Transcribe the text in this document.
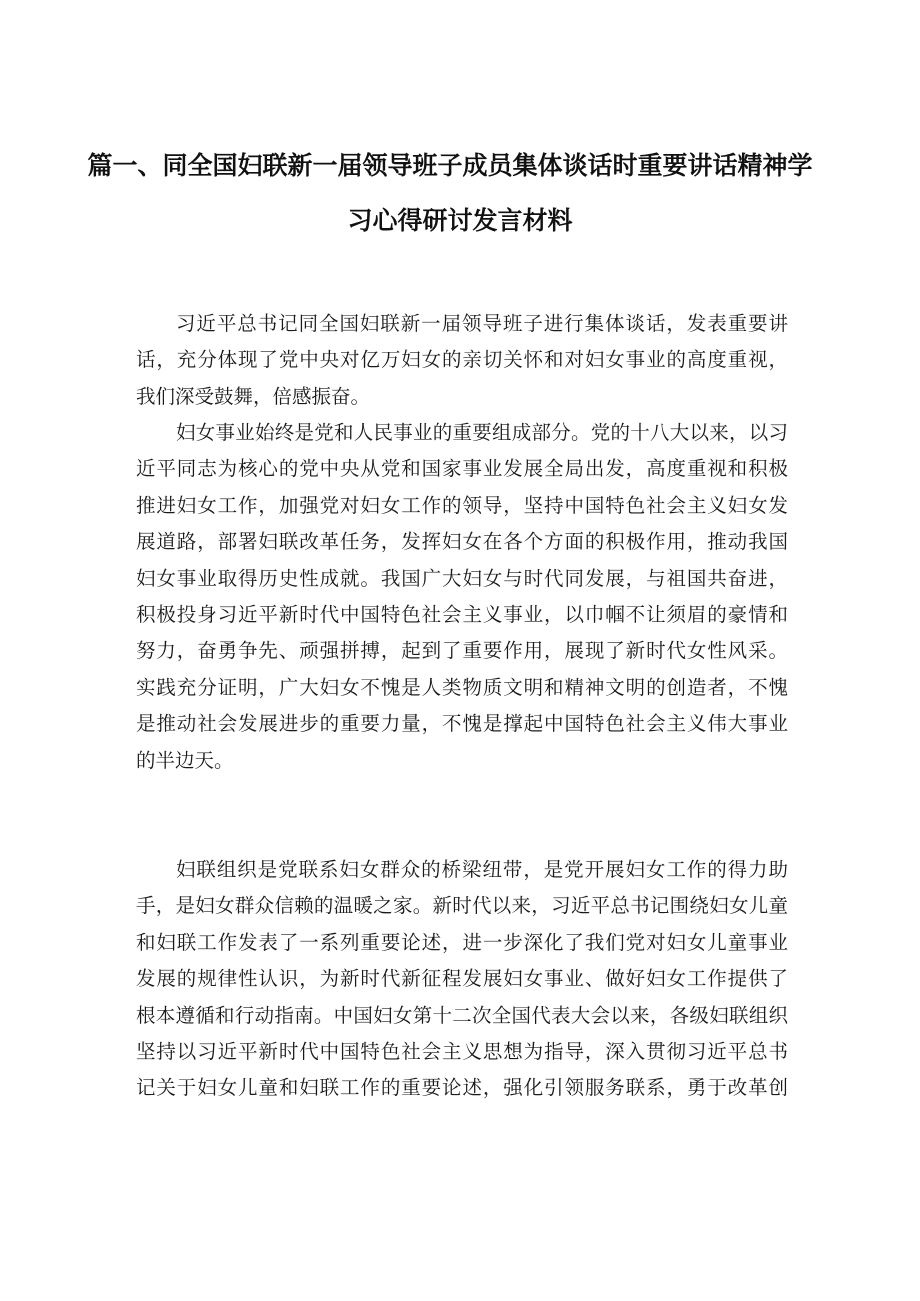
篇一、同全国妇联新一届领导班子成员集体谈话时重要讲话精神学
习心得研讨发言材料
习近平总书记同全国妇联新一届领导班子进行集体谈话，发表重要讲
话，充分体现了党中央对亿万妇女的亲切关怀和对妇女事业的高度重视，
我们深受鼓舞，倍感振奋。
妇女事业始终是党和人民事业的重要组成部分。党的十八大以来，以习
近平同志为核心的党中央从党和国家事业发展全局出发，高度重视和积极
推进妇女工作，加强党对妇女工作的领导，坚持中国特色社会主义妇女发
展道路，部署妇联改革任务，发挥妇女在各个方面的积极作用，推动我国
妇女事业取得历史性成就。我国广大妇女与时代同发展，与祖国共奋进，
积极投身习近平新时代中国特色社会主义事业，以巾帼不让须眉的豪情和
努力，奋勇争先、顽强拼搏，起到了重要作用，展现了新时代女性风采。
实践充分证明，广大妇女不愧是人类物质文明和精神文明的创造者，不愧
是推动社会发展进步的重要力量，不愧是撑起中国特色社会主义伟大事业
的半边天。
妇联组织是党联系妇女群众的桥梁纽带，是党开展妇女工作的得力助
手，是妇女群众信赖的温暖之家。新时代以来，习近平总书记围绕妇女儿童
和妇联工作发表了一系列重要论述，进一步深化了我们党对妇女儿童事业
发展的规律性认识，为新时代新征程发展妇女事业、做好妇女工作提供了
根本遵循和行动指南。中国妇女第十二次全国代表大会以来，各级妇联组织
坚持以习近平新时代中国特色社会主义思想为指导，深入贯彻习近平总书
记关于妇女儿童和妇联工作的重要论述，强化引领服务联系，勇于改革创
